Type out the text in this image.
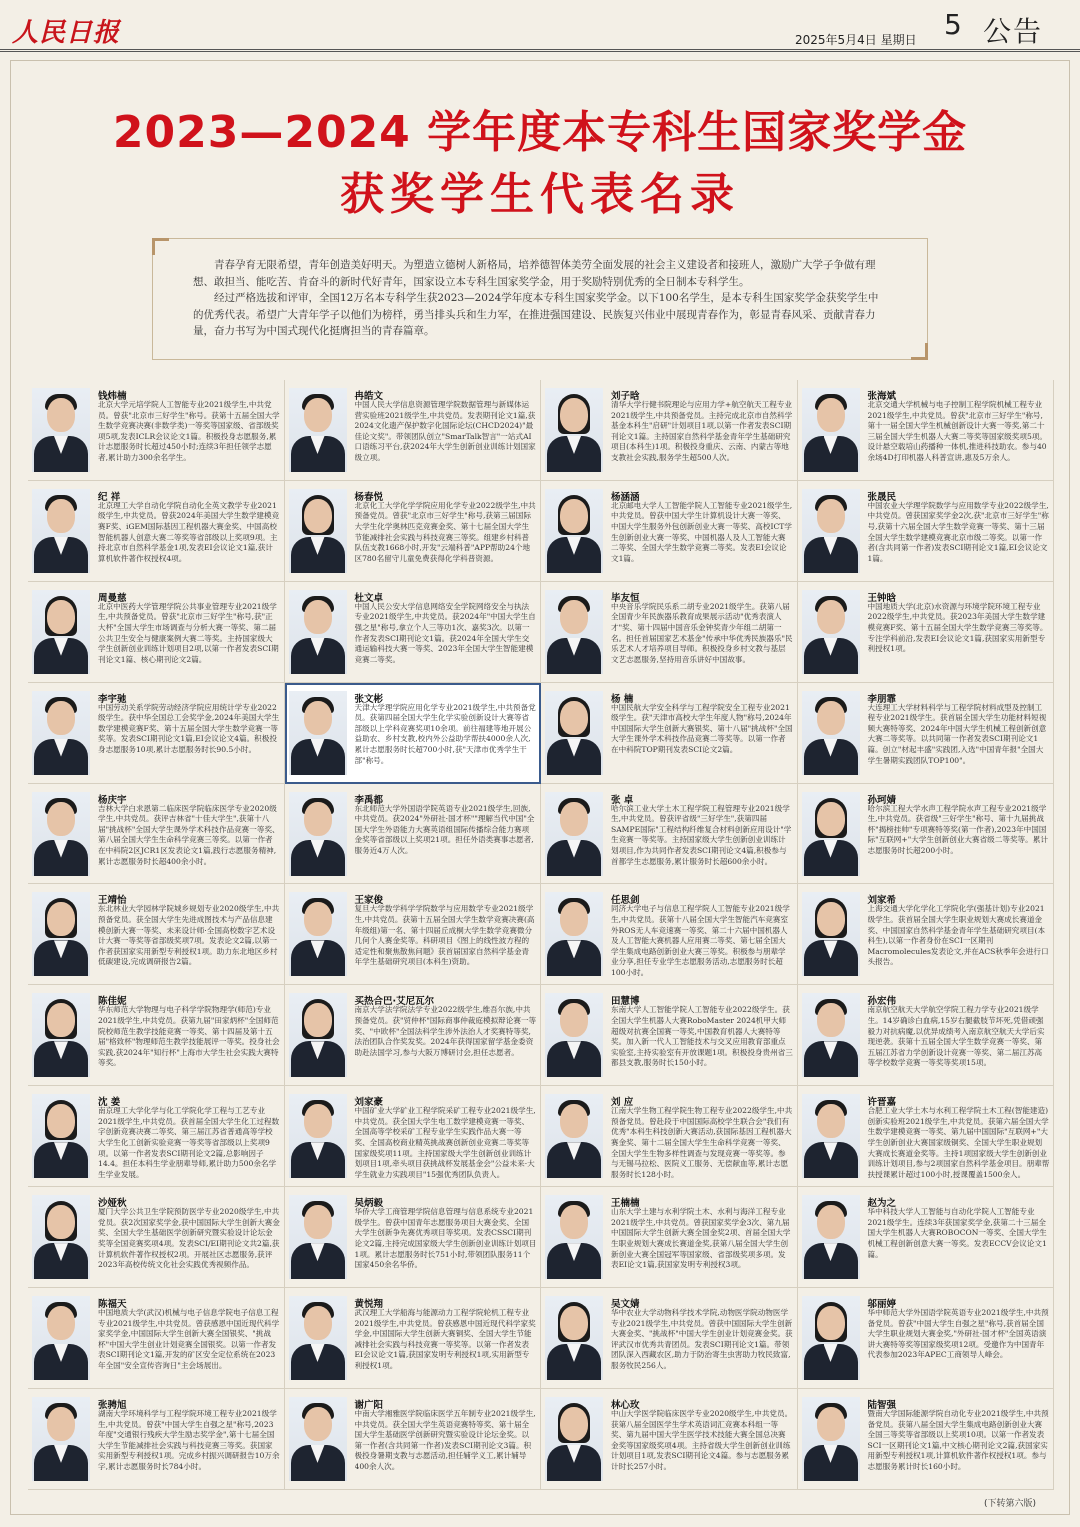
人民日报	2025年5月4日 星期日 5 公告
2023—2024 学年度本专科生国家奖学金
获奖学生代表名录

青春孕育无限希望，青年创造美好明天。为塑造立德树人新格局，培养德智体美劳全面发展的社会主义建设者和接班人，激励广大学子争做有理想、敢担当、能吃苦、肯奋斗的新时代好青年，国家设立本专科生国家奖学金，用于奖励特别优秀的全日制本专科学生。

经过严格选拔和评审，全国12万名本专科学生获2023—2024学年度本专科生国家奖学金。以下100名学生，是本专科生国家奖学金获奖学生中的优秀代表。希望广大青年学子以他们为榜样，勇当排头兵和生力军，在推进强国建设、民族复兴伟业中展现青春作为，彰显青春风采、贡献青春力量，奋力书写为中国式现代化挺膺担当的青春篇章。

钱炜楠
北京大学元培学院人工智能专业2021级学生,中共党员。曾获"北京市三好学生"称号。获第十五届全国大学生数学竞赛决赛(非数学类)一等奖等国家级、省部级奖项5项,发表ICLR会议论文1篇。积极投身志愿服务,累计志愿服务时长超过450小时;连续3年担任领学志愿者,累计助力300余名学生。
冉皓文
中国人民大学信息资源管理学院数据管理与新媒体运营实验班2021级学生,中共党员。发表期刊论文1篇,获2024文化遗产保护数字化国际论坛(CHCD2024)"最佳论文奖"。带领团队创立"SmarTalk智言"一站式AI口语练习平台,获2024年大学生创新创业训练计划国家级立项。
刘子晗
清华大学行健书院理论与应用力学+航空航天工程专业2021级学生,中共预备党员。主持完成北京市自然科学基金本科生"启研"计划项目1项,以第一作者发表SCI期刊论文1篇。主持国家自然科学基金青年学生基础研究项目(本科生)1项。积极投身重庆、云南、内蒙古等地支教社会实践,服务学生超500人次。
张海斌
北京交通大学机械与电子控制工程学院机械工程专业2021级学生,中共党员。曾获"北京市三好学生"称号,第十一届全国大学生机械创新设计大赛一等奖,第二十三届全国大学生机器人大赛二等奖等国家级奖项5项。设计悬空载培山药播种一体机,推进科技助农。参与40余场4D打印机器人科普宣讲,惠及5万余人。
纪 祥
北京理工大学自动化学院自动化全英文教学专业2021级学生,中共党员。曾获2024年美国大学生数学建模竞赛F奖、iGEM国际基因工程机器大赛金奖、中国高校智能机器人创意大赛二等奖等省部级以上奖项9项。主持北京市自然科学基金1项,发表EI会议论文1篇,获计算机软件著作权授权4项。
杨春悦
北京化工大学化学学院应用化学专业2022级学生,中共预备党员。曾获"北京市三好学生"称号,获第三届国际大学生化学奥林匹克竞赛金奖、第十七届全国大学生节能减排社会实践与科技竞赛三等奖。组建乡村科普队伍支教1668小时,开发"云端科普"APP帮助24个地区780名留守儿童免费获得化学科普资源。
杨涵涵
北京邮电大学人工智能学院人工智能专业2021级学生,中共党员。曾获中国大学生计算机设计大赛一等奖、中国大学生服务外包创新创业大赛一等奖、高校ICT学生创新创业大赛一等奖、中国机器人及人工智能大赛二等奖、全国大学生数学竞赛二等奖。发表EI会议论文1篇。
张晟民
中国农业大学理学院数学与应用数学专业2022级学生,中共党员。曾获国家奖学金2次,获"北京市三好学生"称号,获第十六届全国大学生数学竞赛一等奖、第十三届全国大学生数学建模竞赛北京市级二等奖。以第一作者(含共同第一作者)发表SCI期刊论文1篇,EI会议论文1篇。
周曼慈
北京中医药大学管理学院公共事业管理专业2021级学生,中共预备党员。曾获"北京市三好学生"称号,获"正大杯"全国大学生市场调查与分析大赛一等奖、第二届公共卫生安全与健康案例大赛二等奖。主持国家级大学生创新创业训练计划项目2项,以第一作者发表SCI期刊论文1篇、核心期刊论文2篇。
杜文卓
中国人民公安大学信息网络安全学院网络安全与执法专业2021级学生,中共党员。获2024年"中国大学生自强之星"称号,拿立个人三等功1次、嘉奖3次。以第一作者发表SCI期刊论文1篇。获2024年全国大学生交通运输科技大赛一等奖、2023年全国大学生智能建模竞赛二等奖。
毕友恒
中央音乐学院民乐系二胡专业2021级学生。获第八届全国青少年民族器乐教育成果展示活动"优秀表演人才"奖、第十四届中国音乐金钟奖青少年组二胡第一名。担任首届国家艺术基金"传承中华优秀民族器乐"民乐艺术人才培养项目导师。积极投身乡村文教与基层文艺志愿服务,坚持用音乐讲好中国故事。
王钟晗
中国地质大学(北京)水资源与环境学院环境工程专业2022级学生,中共党员。获2023年美国大学生数学建模竞赛F奖、第十五届全国大学生数学竞赛三等奖等。专注学科前沿,发表EI会议论文1篇,获国家实用新型专利授权1项。
李宇驰
中国劳动关系学院劳动经济学院应用统计学专业2022级学生。获中华全国总工会奖学金,2024年美国大学生数学建模竞赛F奖、第十五届全国大学生数学竞赛一等奖等。发表SCI期刊论文1篇,EI会议论文4篇。积极投身志愿服务10项,累计志愿服务时长90.5小时。
张文彬
天津大学理学院应用化学专业2021级学生,中共预备党员。获第四届全国大学生化学实验创新设计大赛等省部级以上学科竞赛奖项10余项。前往福建等地开展公益助农、乡村支教,校内外公益助学帮扶4000余人次,累计志愿服务时长超700小时,获"天津市优秀学生干部"称号。
杨 楠
中国民航大学安全科学与工程学院安全工程专业2021级学生。获"天津市高校大学生年度人物"称号,2024年中国国际大学生创新大赛银奖、第十八届"挑战杯"全国大学生课外学术科技作品竞赛二等奖等。以第一作者在中科院TOP期刊发表SCI论文2篇。
李朋霏
大连理工大学材料科学与工程学院材料成型及控制工程专业2021级学生。获首届全国大学生功能材料短视频大赛特等奖、2024年中国大学生机械工程创新创意大赛二等奖等。以共同第一作者发表SCI期刊论文1篇。创立"材起丰盛"实践团,入选"中国青年报"全国大学生暑期实践团队TOP100"。
杨庆宇
吉林大学白求恩第二临床医学院临床医学专业2020级学生,中共党员。获评吉林省"十佳大学生",获第十八届"挑战杯"全国大学生课外学术科技作品竞赛一等奖、第八届全国大学生生命科学竞赛三等奖。以第一作者在中科院2区JCR1区发表论文1篇,践行志愿服务精神,累计志愿服务时长超400余小时。
李禹都
东北师范大学外国语学院英语专业2021级学生,回族,中共党员。获2024"外研社·国才杯""理解当代中国"全国大学生外语能力大赛英语组国际传播综合能力赛项金奖等省部级以上奖项21项。担任外语类赛事志愿者,服务近4万人次。
张 卓
哈尔滨工业大学土木工程学院工程管理专业2021级学生,中共党员。曾获评省级"三好学生",获第四届SAMPE国际"工程结构纤维复合材料创新应用设计"学生竞赛一等奖等。主持国家级大学生创新创业训练计划项目,作为共同作者发表SCI期刊论文4篇,积极参与首都学生志愿服务,累计服务时长超600余小时。
孙珂婧
哈尔滨工程大学水声工程学院水声工程专业2021级学生,中共党员。获省级"三好学生"称号、第十九届挑战杯"揭榜挂帅"专项赛特等奖(第一作者),2023年中国国际"互联网+"大学生创新创业大赛省级二等奖等。累计志愿服务时长超200小时。
王靖怡
东北林业大学园林学院城乡规划专业2020级学生,中共预备党员。获全国大学生先进成图技术与产品信息建模创新大赛一等奖、未来设计师·全国高校数字艺术设计大赛一等奖等省部级奖项7项。发表论文2篇,以第一作者获国家实用新型专利授权1项。助力东北地区乡村低碳建设,完成调研报告2篇。
王家俊
复旦大学数学科学学院数学与应用数学专业2021级学生,中共党员。获第十五届全国大学生数学竞赛决赛(高年级组)第一名、第十四届丘成桐大学生数学竞赛微分几何个人赛金奖等。科研项目《图上的线性波方程的适定性和聚焦散焦问题》获首届国家自然科学基金青年学生基础研究项目(本科生)资助。
任思剑
同济大学电子与信息工程学院人工智能专业2021级学生,中共党员。获第十八届全国大学生智能汽车竞赛室外ROS无人车竞速赛一等奖、第二十六届中国机器人及人工智能大赛机器人应用赛二等奖、第七届全国大学生集成电路创新创业大赛三等奖。积极参与朋辈学业分享,担任专业学生志愿服务活动,志愿服务时长超100小时。
刘家希
上海交通大学化学化工学院化学(强基计划)专业2021级学生。获首届全国大学生职业规划大赛成长赛道金奖、中国国家自然科学基金青年学生基础研究项目(本科生),以第一作者身份在SCI一区期刊Macromolecules发表论文,并在ACS秋季年会进行口头报告。
陈佳妮
华东师范大学物理与电子科学学院物理学(师范)专业2021级学生,中共党员。获第九届"田家炳杯"全国师范院校师范生教学技能竞赛一等奖、第十四届及第十五届"格致杯"物理师范生教学技能展评一等奖。投身社会实践,获2024年"知行杯"上海市大学生社会实践大赛特等奖。
买热合巴·艾尼瓦尔
南京大学法学院法学专业2022级学生,维吾尔族,中共预备党员。获"贸仲杯"国际商事仲裁庭模拟辩论赛一等奖、"中欧杯"全国法科学生涉外法治人才奖赛特等奖,法治团队合作奖发奖。2024年获得国家留学基金委资助赴法国学习,参与大阪万博研讨会,担任志愿者。
田慧博
东南大学人工智能学院人工智能专业2022级学生。获全国大学生机器人大赛RoboMaster 2024机甲大师超级对抗赛全国赛一等奖,中国教育机器人大赛特等奖。加入新一代人工智能技术与交叉应用教育部重点实验室,主持实验室有开放课题1项。积极投身贵州省三都县支教,服务时长150小时。
孙宏伟
南京航空航天大学航空学院工程力学专业2021级学生。14岁确诊白血病,15岁右腿截肢节坏死,凭借顽强毅力对抗病魔,以优异成绩考入南京航空航天大学后实现逆袭。获第十五届全国大学生数学竞赛一等奖、第五届江苏省力学创新设计竞赛一等奖、第二届江苏高等学校数学竞赛一等奖等奖项15项。
沈 姜
南京理工大学化学与化工学院化学工程与工艺专业2021级学生,中共党员。获首届全国大学生化工过程数字创新竞赛决赛二等奖、第三届江苏省普通高等学校大学生化工创新实验竞赛一等奖等省部级以上奖项9项。以第一作者发表SCI期刊论文2篇,总影响因子14.4。担任本科生学业朋辈导师,累计助力500余名学生学业发展。
刘家豪
中国矿业大学矿业工程学院采矿工程专业2021级学生,中共党员。获全国大学生电工数学建模竞赛一等奖、全国高等学校采矿工程专业学生实践作品大赛一等奖、全国高校商业精英挑战赛创新创业竞赛二等奖等国家级奖项11项。主持国家级大学生创新创业训练计划项目1项,牵头项目获挑战杯发展基金会"公益未来·大学生就业力实践项目"15强优秀团队负责人。
刘 应
江南大学生物工程学院生物工程专业2022级学生,中共预备党员。曾赴段于中国国际高校学生联合会"我们有优秀"本科生科技创新大赛活动,获国际基因工程机器大赛金奖、第十二届全国大学生生命科学竞赛一等奖、全国大学生生物多样性调查与发现竞赛一等奖等。参与无锡马拉松、医院义工服务、无偿献血等,累计志愿服务时长128小时。
许晋嘉
合肥工业大学土木与水利工程学院土木工程(智能建造)创新实验班2021级学生,中共党员。获第六届全国大学生数学建模竞赛一等奖、第九届中国国际"互联网+"大学生创新创业大赛国家级铜奖、全国大学生职业规划大赛成长赛道金奖等。主持1项国家级大学生创新创业训练计划项目,参与2项国家自然科学基金项目。朋辈帮扶授课累计超过100小时,授课覆盖1500余人。
沙娅秋
厦门大学公共卫生学院预防医学专业2020级学生,中共党员。获2次国家奖学金,获中国国际大学生创新大赛金奖、全国大学生基础医学创新研究暨实验设计论坛金奖等全国竞赛奖项4项。发表SCI/EI期刊论文共2篇,获计算机软件著作权授权2项。开展社区志愿服务,获评2023年高校传统文化社会实践优秀视频作品。
吴炳毅
华侨大学工商管理学院信息管理与信息系统专业2021级学生。曾获中国青年志愿服务项目大赛金奖、全国大学生创新争先赛优秀项目等奖项。发表CSSCI期刊论文2篇,主持完成国家级大学生创新创业训练计划项目1项。累计志愿服务时长751小时,带领团队服务11个国家450余名华侨。
王楠楠
山东大学土建与水利学院土木、水利与海洋工程专业2021级学生,中共党员。曾获国家奖学金3次、第九届中国国际大学生创新大赛全国金奖2项、首届全国大学生职业规划大赛成长赛道金奖,获第八届全国大学生创新创业大赛全国冠军等国家级、省部级奖项多项。发表EI论文1篇,获国家发明专利授权3项。
赵为之
华中科技大学人工智能与自动化学院人工智能专业2021级学生。连续3年获国家奖学金,获第二十三届全国大学生机器人大赛ROBOCON一等奖、全国大学生机械工程创新创意大赛一等奖。发表ECCV会议论文1篇。
陈福天
中国地质大学(武汉)机械与电子信息学院电子信息工程专业2021级学生,中共党员。曾获感恩中国近现代科学家奖学金,中国国际大学生创新大赛全国银奖、"挑战杯"中国大学生创业计划竞赛全国银奖。以第一作者发表SCI期刊论文1篇,开发的矿区安全定位系统在2023年全国"安全宣传咨询日"主会场展出。
黄悦翔
武汉理工大学船海与能源动力工程学院轮机工程专业2021级学生,中共党员。曾获感恩中国近现代科学家奖学金,中国国际大学生创新大赛铜奖、全国大学生节能减排社会实践与科技竞赛一等奖等。以第一作者发表EI会议论文1篇,获国家发明专利授权1项,实用新型专利授权1项。
吴文婧
华中农业大学动物科学技术学院,动物医学院动物医学专业2021级学生,中共党员。曾获中国国际大学生创新大赛金奖、"挑战杯"中国大学生创业计划竞赛金奖。获评武汉市优秀共青团员。发表SCI期刊论文1篇。带领团队深入西藏农区,助力于防治寄生虫害助力牧民致富,服务牧民256人。
邬丽婷
华中师范大学外国语学院英语专业2021级学生,中共预备党员。曾获"中国大学生自强之星"称号,获首届全国大学生职业规划大赛金奖,"外研社·国才杯"全国英语演讲大赛特等奖等国家级奖项12项。受邀作为中国青年代表参加2023年APEC工商领导人峰会。
张骋旭
湖南大学环境科学与工程学院环境工程专业2021级学生,中共党员。曾获"中国大学生自强之星"称号,2023年度"交通银行残疾大学生励志奖学金",第十七届全国大学生节能减排社会实践与科技竞赛三等奖。获国家实用新型专利授权1项。完成乡村振兴调研报告10万余字,累计志愿服务时长784小时。
谢广阳
中南大学湘雅医学院临床医学五年制专业2021级学生,中共党员。获全国大学生英语竞赛特等奖、第十届全国大学生基础医学创新研究暨实验设计论坛金奖。以第一作者(含共同第一作者)发表SCI期刊论文3篇。积极投身暑期支教与志愿活动,担任辅学义工,累计辅导400余人次。
林心玫
中山大学医学院临床医学专业2020级学生,中共党员。获第八届全国医学生学术英语词汇竞赛本科组一等奖、第九届中国大学生医学技术技能大赛全国总决赛金奖等国家级奖项4项。主持省级大学生创新创业训练计划项目1项,发表SCI期刊论文4篇。参与志愿服务累计时长257小时。
陆智强
暨南大学国际能源学院自动化专业2021级学生,中共预备党员。获第八届全国大学生集成电路创新创业大赛全国三等奖等省部级以上奖项10项。以第一作者发表SCI一区期刊论文1篇,中文核心期刊论文2篇,获国家实用新型专利授权1项,计算机软件著作权授权1项。参与志愿服务累计时长160小时。
(下转第六版)
